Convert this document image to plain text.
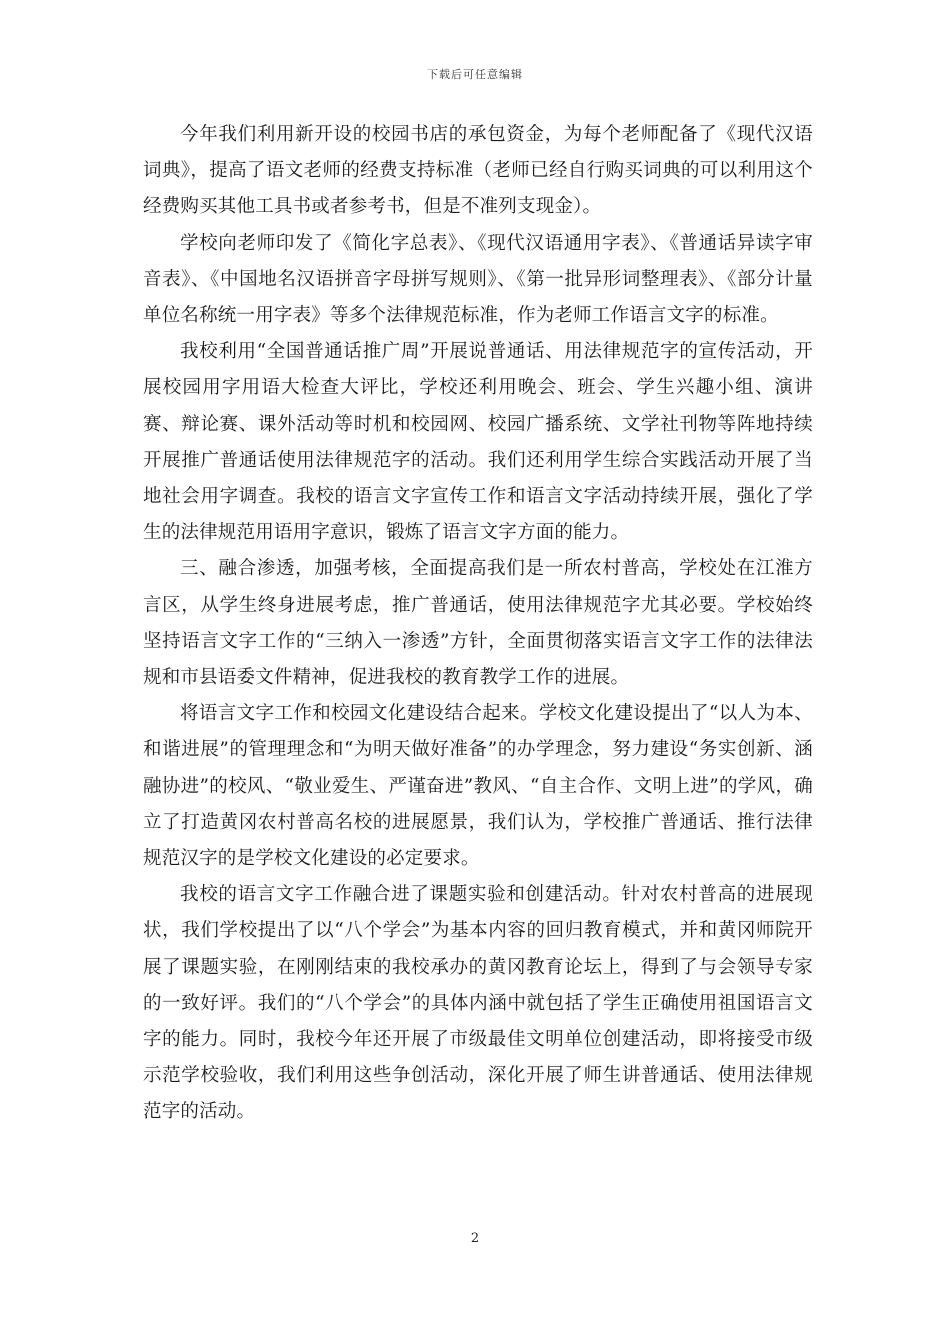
下载后可任意编辑

今年我们利用新开设的校园书店的承包资金，为每个老师配备了《现代汉语词典》，提高了语文老师的经费支持标准（老师已经自行购买词典的可以利用这个经费购买其他工具书或者参考书，但是不准列支现金）。

学校向老师印发了《简化字总表》、《现代汉语通用字表》、《普通话异读字审音表》、《中国地名汉语拼音字母拼写规则》、《第一批异形词整理表》、《部分计量单位名称统一用字表》等多个法律规范标准，作为老师工作语言文字的标准。

我校利用“全国普通话推广周”开展说普通话、用法律规范字的宣传活动，开展校园用字用语大检查大评比，学校还利用晚会、班会、学生兴趣小组、演讲赛、辩论赛、课外活动等时机和校园网、校园广播系统、文学社刊物等阵地持续开展推广普通话使用法律规范字的活动。我们还利用学生综合实践活动开展了当地社会用字调查。我校的语言文字宣传工作和语言文字活动持续开展，强化了学生的法律规范用语用字意识，锻炼了语言文字方面的能力。

三、融合渗透，加强考核，全面提高我们是一所农村普高，学校处在江淮方言区，从学生终身进展考虑，推广普通话，使用法律规范字尤其必要。学校始终坚持语言文字工作的“三纳入一渗透”方针，全面贯彻落实语言文字工作的法律法规和市县语委文件精神，促进我校的教育教学工作的进展。

将语言文字工作和校园文化建设结合起来。学校文化建设提出了“以人为本、和谐进展”的管理理念和“为明天做好准备”的办学理念，努力建设“务实创新、涵融协进”的校风、“敬业爱生、严谨奋进”教风、“自主合作、文明上进”的学风，确立了打造黄冈农村普高名校的进展愿景，我们认为，学校推广普通话、推行法律规范汉字的是学校文化建设的必定要求。

我校的语言文字工作融合进了课题实验和创建活动。针对农村普高的进展现状，我们学校提出了以“八个学会”为基本内容的回归教育模式，并和黄冈师院开展了课题实验，在刚刚结束的我校承办的黄冈教育论坛上，得到了与会领导专家的一致好评。我们的“八个学会”的具体内涵中就包括了学生正确使用祖国语言文字的能力。同时，我校今年还开展了市级最佳文明单位创建活动，即将接受市级示范学校验收，我们利用这些争创活动，深化开展了师生讲普通话、使用法律规范字的活动。

2
